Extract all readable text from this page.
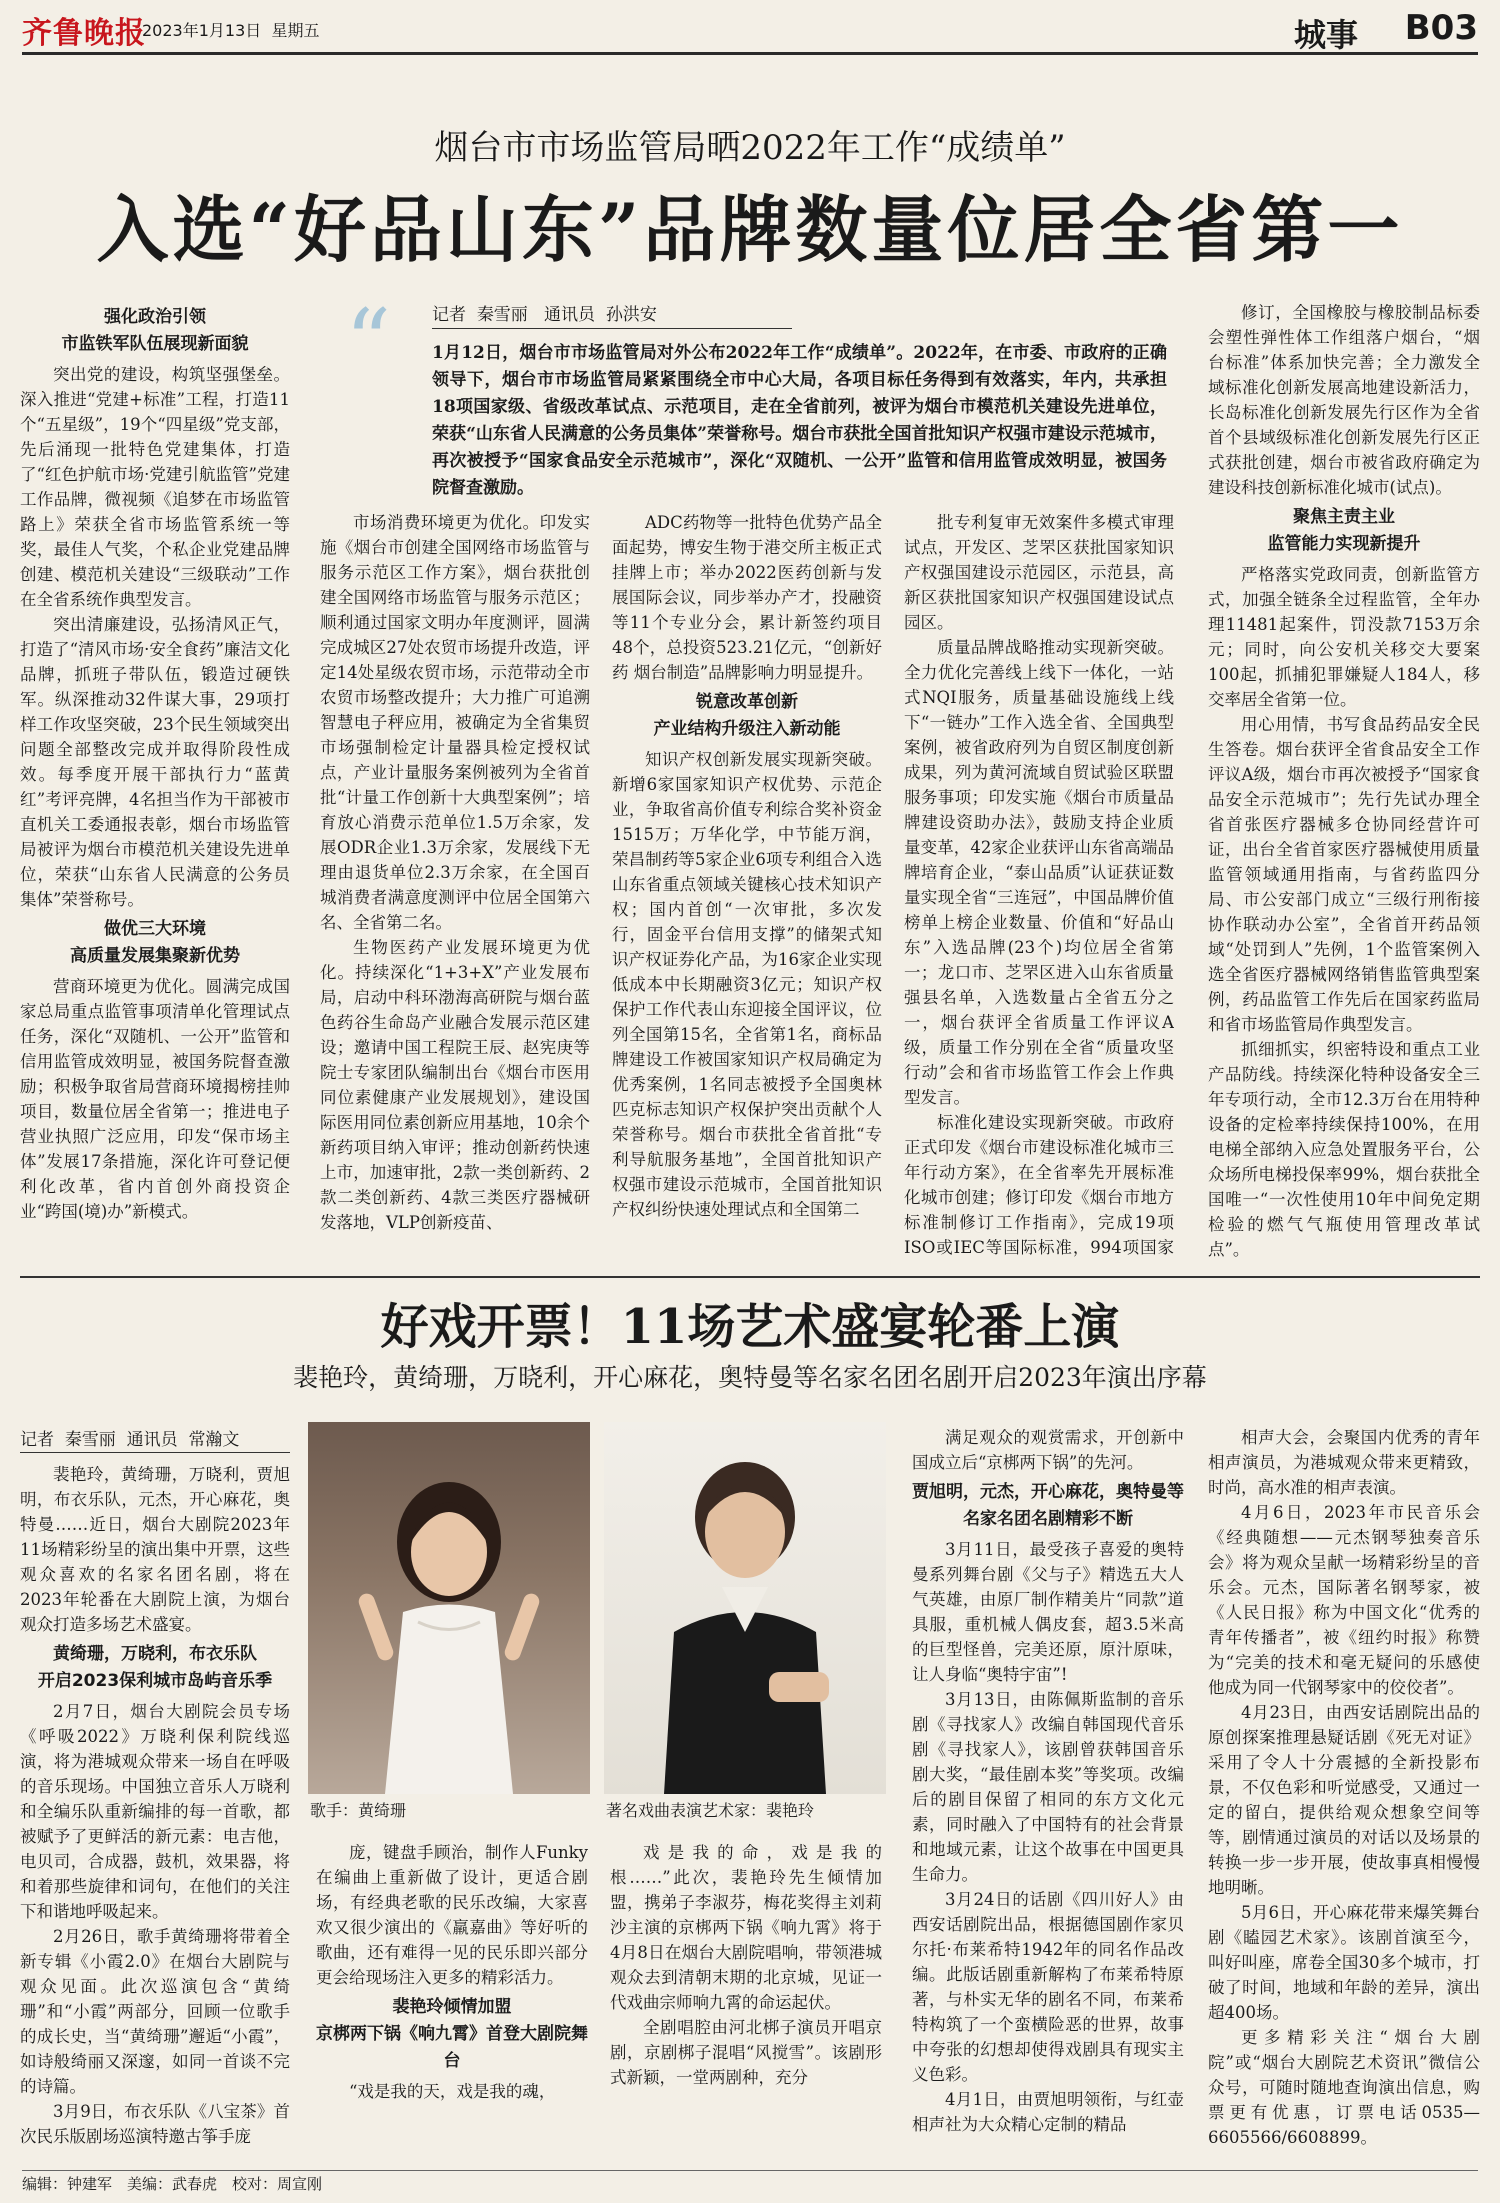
齐鲁晚报
2023年1月13日 星期五	城事 B03
烟台市市场监管局晒2022年工作“成绩单”
入选“好品山东”品牌数量位居全省第一
强化政治引领
市监铁军队伍展现新面貌

突出党的建设，构筑坚强堡垒。深入推进“党建+标准”工程，打造11个“五星级”，19个“四星级”党支部，先后涌现一批特色党建集体，打造了“红色护航市场·党建引航监管”党建工作品牌，微视频《追梦在市场监管路上》荣获全省市场监管系统一等奖，最佳人气奖，个私企业党建品牌创建、模范机关建设“三级联动”工作在全省系统作典型发言。

突出清廉建设，弘扬清风正气，打造了“清风市场·安全食药”廉洁文化品牌，抓班子带队伍，锻造过硬铁军。纵深推动32件谋大事，29项打样工作攻坚突破，23个民生领域突出问题全部整改完成并取得阶段性成效。每季度开展干部执行力“蓝黄红”考评亮牌，4名担当作为干部被市直机关工委通报表彰，烟台市场监管局被评为烟台市模范机关建设先进单位，荣获“山东省人民满意的公务员集体”荣誉称号。

做优三大环境
高质量发展集聚新优势

营商环境更为优化。圆满完成国家总局重点监管事项清单化管理试点任务，深化“双随机、一公开”监管和信用监管成效明显，被国务院督查激励；积极争取省局营商环境揭榜挂帅项目，数量位居全省第一；推进电子营业执照广泛应用，印发“保市场主体”发展17条措施，深化许可登记便利化改革，省内首创外商投资企业“跨国(境)办”新模式。

“ 记者 秦雪丽 通讯员 孙洪安
1月12日，烟台市市场监管局对外公布2022年工作“成绩单”。2022年，在市委、市政府的正确领导下，烟台市市场监管局紧紧围绕全市中心大局，各项目标任务得到有效落实，年内，共承担18项国家级、省级改革试点、示范项目，走在全省前列，被评为烟台市模范机关建设先进单位，荣获“山东省人民满意的公务员集体”荣誉称号。烟台市获批全国首批知识产权强市建设示范城市，再次被授予“国家食品安全示范城市”，深化“双随机、一公开”监管和信用监管成效明显，被国务院督查激励。

市场消费环境更为优化。印发实施《烟台市创建全国网络市场监管与服务示范区工作方案》，烟台获批创建全国网络市场监管与服务示范区；顺利通过国家文明办年度测评，圆满完成城区27处农贸市场提升改造，评定14处星级农贸市场，示范带动全市农贸市场整改提升；大力推广可追溯智慧电子秤应用，被确定为全省集贸市场强制检定计量器具检定授权试点，产业计量服务案例被列为全省首批“计量工作创新十大典型案例”；培育放心消费示范单位1.5万余家，发展ODR企业1.3万余家，发展线下无理由退货单位2.3万余家，在全国百城消费者满意度测评中位居全国第六名、全省第二名。

生物医药产业发展环境更为优化。持续深化“1+3+X”产业发展布局，启动中科环渤海高研院与烟台蓝色药谷生命岛产业融合发展示范区建设；邀请中国工程院王辰、赵宪庚等院士专家团队编制出台《烟台市医用同位素健康产业发展规划》，建设国际医用同位素创新应用基地，10余个新药项目纳入审评；推动创新药快速上市，加速审批，2款一类创新药、2款二类创新药、4款三类医疗器械研发落地，VLP创新疫苗、

ADC药物等一批特色优势产品全面起势，博安生物于港交所主板正式挂牌上市；举办2022医药创新与发展国际会议，同步举办产才，投融资等11个专业分会，累计新签约项目48个，总投资523.21亿元，“创新好药 烟台制造”品牌影响力明显提升。

锐意改革创新
产业结构升级注入新动能

知识产权创新发展实现新突破。新增6家国家知识产权优势、示范企业，争取省高价值专利综合奖补资金1515万；万华化学，中节能万润，荣昌制药等5家企业6项专利组合入选山东省重点领域关键核心技术知识产权；国内首创“一次审批，多次发行，固金平台信用支撑”的储架式知识产权证券化产品，为16家企业实现低成本中长期融资3亿元；知识产权保护工作代表山东迎接全国评议，位列全国第15名，全省第1名，商标品牌建设工作被国家知识产权局确定为优秀案例，1名同志被授予全国奥林匹克标志知识产权保护突出贡献个人荣誉称号。烟台市获批全省首批“专利导航服务基地”，全国首批知识产权强市建设示范城市，全国首批知识产权纠纷快速处理试点和全国第二

批专利复审无效案件多模式审理试点，开发区、芝罘区获批国家知识产权强国建设示范园区，示范县，高新区获批国家知识产权强国建设试点园区。

质量品牌战略推动实现新突破。全力优化完善线上线下一体化，一站式NQI服务，质量基础设施线上线下“一链办”工作入选全省、全国典型案例，被省政府列为自贸区制度创新成果，列为黄河流域自贸试验区联盟服务事项；印发实施《烟台市质量品牌建设资助办法》，鼓励支持企业质量变革，42家企业获评山东省高端品牌培育企业，“泰山品质”认证获证数量实现全省“三连冠”，中国品牌价值榜单上榜企业数量、价值和“好品山东”入选品牌(23个)均位居全省第一；龙口市、芝罘区进入山东省质量强县名单，入选数量占全省五分之一，烟台获评全省质量工作评议A级，质量工作分别在全省“质量攻坚行动”会和省市场监管工作会上作典型发言。

标准化建设实现新突破。市政府正式印发《烟台市建设标准化城市三年行动方案》，在全省率先开展标准化城市创建；修订印发《烟台市地方标准制修订工作指南》，完成19项ISO或IEC等国际标准，994项国家

修订，全国橡胶与橡胶制品标委会塑性弹性体工作组落户烟台，“烟台标准”体系加快完善；全力激发全域标准化创新发展高地建设新活力，长岛标准化创新发展先行区作为全省首个县域级标准化创新发展先行区正式获批创建，烟台市被省政府确定为建设科技创新标准化城市(试点)。

聚焦主责主业
监管能力实现新提升

严格落实党政同责，创新监管方式，加强全链条全过程监管，全年办理11481起案件，罚没款7153万余元；同时，向公安机关移交大要案100起，抓捕犯罪嫌疑人184人，移交率居全省第一位。

用心用情，书写食品药品安全民生答卷。烟台获评全省食品安全工作评议A级，烟台市再次被授予“国家食品安全示范城市”；先行先试办理全省首张医疗器械多仓协同经营许可证，出台全省首家医疗器械使用质量监管领域通用指南，与省药监四分局、市公安部门成立“三级行刑衔接协作联动办公室”，全省首开药品领域“处罚到人”先例，1个监管案例入选全省医疗器械网络销售监管典型案例，药品监管工作先后在国家药监局和省市场监管局作典型发言。

抓细抓实，织密特设和重点工业产品防线。持续深化特种设备安全三年专项行动，全市12.3万台在用特种设备的定检率持续保持100%，在用电梯全部纳入应急处置服务平台，公众场所电梯投保率99%，烟台获批全国唯一“一次性使用10年中间免定期检验的燃气气瓶使用管理改革试点”。

好戏开票！11场艺术盛宴轮番上演
裴艳玲，黄绮珊，万晓利，开心麻花，奥特曼等名家名团名剧开启2023年演出序幕
记者 秦雪丽 通讯员 常瀚文

裴艳玲，黄绮珊，万晓利，贾旭明，布衣乐队，元杰，开心麻花，奥特曼……近日，烟台大剧院2023年11场精彩纷呈的演出集中开票，这些观众喜欢的名家名团名剧，将在2023年轮番在大剧院上演，为烟台观众打造多场艺术盛宴。

黄绮珊，万晓利，布衣乐队
开启2023保利城市岛屿音乐季

2月7日，烟台大剧院会员专场《呼吸2022》万晓利保利院线巡演，将为港城观众带来一场自在呼吸的音乐现场。中国独立音乐人万晓利和全编乐队重新编排的每一首歌，都被赋予了更鲜活的新元素：电吉他，电贝司，合成器，鼓机，效果器，将和着那些旋律和词句，在他们的关注下和谐地呼吸起来。

2月26日，歌手黄绮珊将带着全新专辑《小霞2.0》在烟台大剧院与观众见面。此次巡演包含“黄绮珊”和“小霞”两部分，回顾一位歌手的成长史，当“黄绮珊”邂逅“小霞”，如诗般绮丽又深邃，如同一首谈不完的诗篇。

3月9日，布衣乐队《八宝茶》首次民乐版剧场巡演特邀古筝手庞

歌手：黄绮珊	著名戏曲表演艺术家：裴艳玲

庞，键盘手顾治，制作人Funky在编曲上重新做了设计，更适合剧场，有经典老歌的民乐改编，大家喜欢又很少演出的《羸嘉曲》等好听的歌曲，还有难得一见的民乐即兴部分更会给现场注入更多的精彩活力。

裴艳玲倾情加盟
京梆两下锅《响九霄》首登大剧院舞台

“戏是我的天，戏是我的魂，

戏是我的命，戏是我的根……”此次，裴艳玲先生倾情加盟，携弟子李淑芬，梅花奖得主刘莉沙主演的京梆两下锅《响九霄》将于4月8日在烟台大剧院唱响，带领港城观众去到清朝末期的北京城，见证一代戏曲宗师响九霄的命运起伏。

全剧唱腔由河北梆子演员开唱京剧，京剧梆子混唱“风搅雪”。该剧形式新颖，一堂两剧种，充分

满足观众的观赏需求，开创新中国成立后“京梆两下锅”的先河。

贾旭明，元杰，开心麻花，奥特曼等
名家名团名剧精彩不断

3月11日，最受孩子喜爱的奥特曼系列舞台剧《父与子》精选五大人气英雄，由原厂制作精美片“同款”道具服，重机械人偶皮套，超3.5米高的巨型怪兽，完美还原，原汁原味，让人身临“奥特宇宙”!

3月13日，由陈佩斯监制的音乐剧《寻找家人》改编自韩国现代音乐剧《寻找家人》，该剧曾获韩国音乐剧大奖，“最佳剧本奖”等奖项。改编后的剧目保留了相同的东方文化元素，同时融入了中国特有的社会背景和地域元素，让这个故事在中国更具生命力。

3月24日的话剧《四川好人》由西安话剧院出品，根据德国剧作家贝尔托·布莱希特1942年的同名作品改编。此版话剧重新解构了布莱希特原著，与朴实无华的剧名不同，布莱希特构筑了一个蛮横险恶的世界，故事中夸张的幻想却使得戏剧具有现实主义色彩。

4月1日，由贾旭明领衔，与红壶相声社为大众精心定制的精品

相声大会，会聚国内优秀的青年相声演员，为港城观众带来更精致，时尚，高水准的相声表演。

4月6日，2023年市民音乐会《经典随想——元杰钢琴独奏音乐会》将为观众呈献一场精彩纷呈的音乐会。元杰，国际著名钢琴家，被《人民日报》称为中国文化“优秀的青年传播者”，被《纽约时报》称赞为“完美的技术和毫无疑问的乐感使他成为同一代钢琴家中的佼佼者”。

4月23日，由西安话剧院出品的原创探案推理悬疑话剧《死无对证》采用了令人十分震撼的全新投影布景，不仅色彩和听觉感受，又通过一定的留白，提供给观众想象空间等等，剧情通过演员的对话以及场景的转换一步一步开展，使故事真相慢慢地明晰。

5月6日，开心麻花带来爆笑舞台剧《瞌园艺术家》。该剧首演至今，叫好叫座，席卷全国30多个城市，打破了时间，地域和年龄的差异，演出超400场。

更多精彩关注“烟台大剧院”或“烟台大剧院艺术资讯”微信公众号，可随时随地查询演出信息，购票更有优惠，订票电话0535—6605566/6608899。

编辑：钟建军　美编：武春虎　校对：周宣刚
